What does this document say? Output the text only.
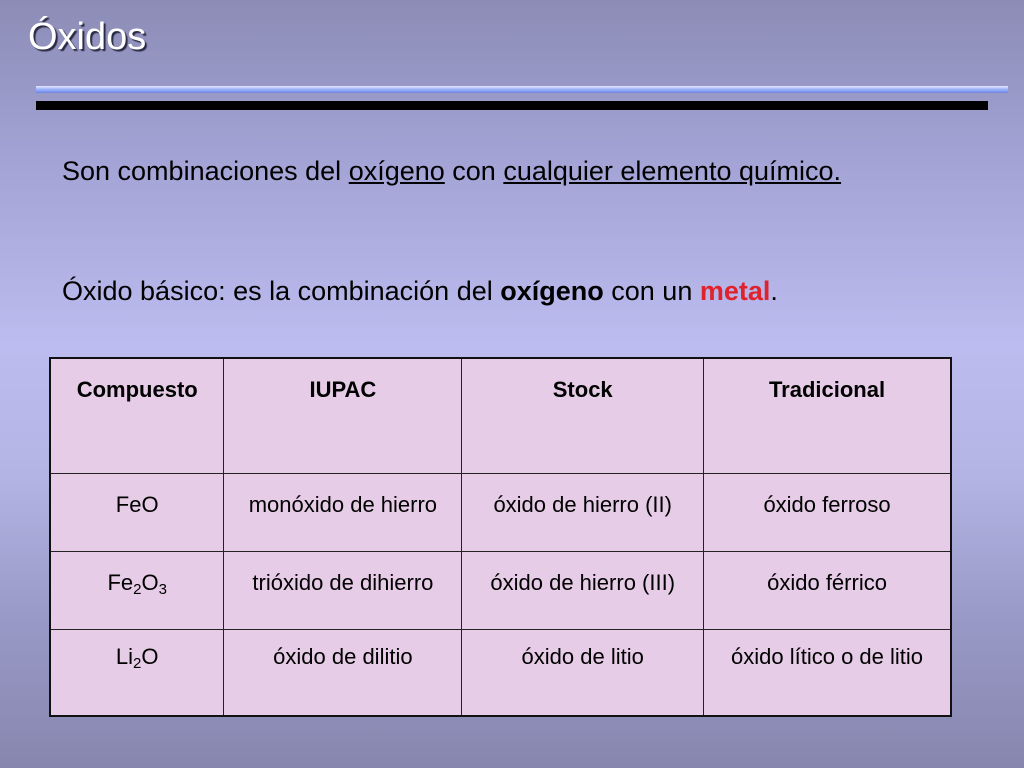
Óxidos
Son combinaciones del oxígeno con cualquier elemento químico.
Óxido básico: es la combinación del oxígeno con un metal.
Compuesto	IUPAC	Stock	Tradicional
FeO	monóxido de hierro	óxido de hierro (II)	óxido ferroso
$Fe_2O_3$	trióxido de dihierro	óxido de hierro (III)	óxido férrico
$Li_2O$	óxido de dilitio	óxido de litio	óxido lítico o de litio
